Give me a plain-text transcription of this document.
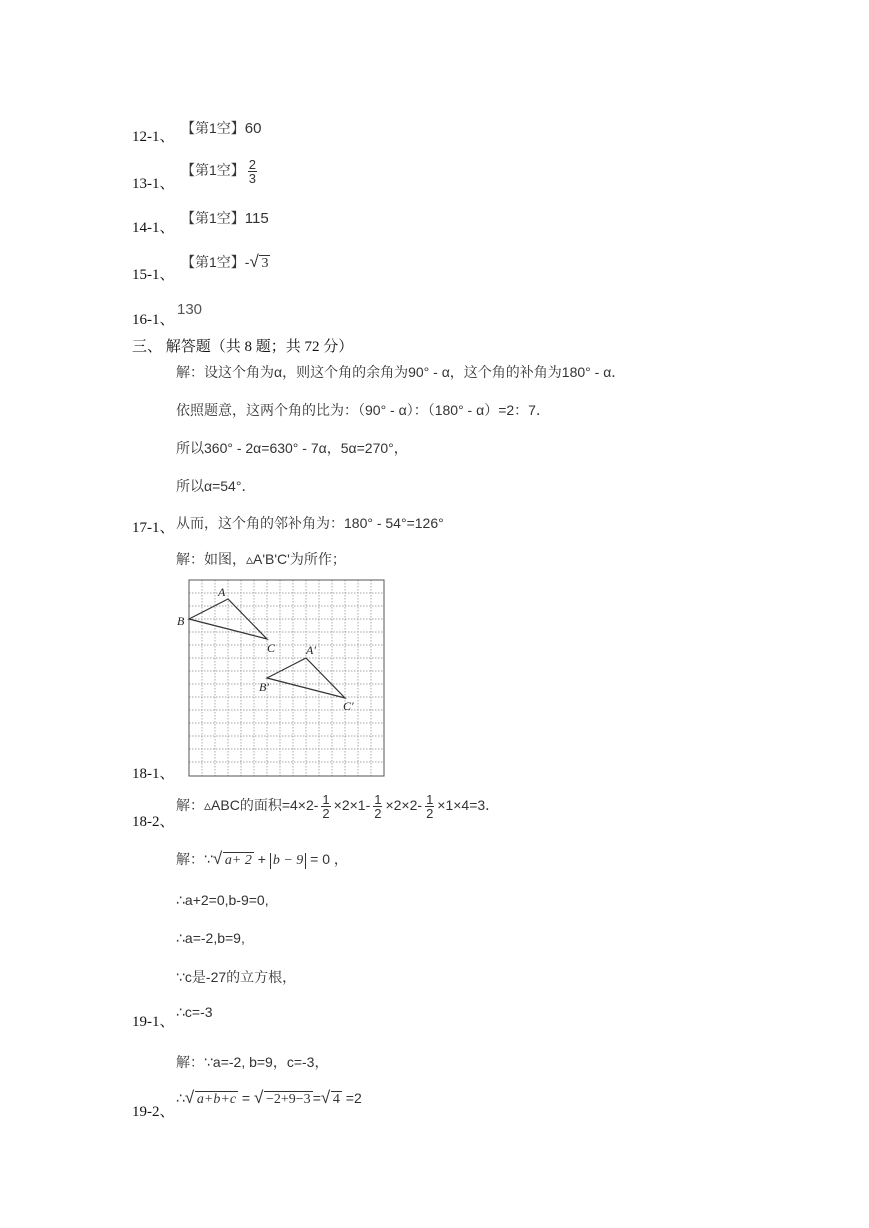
12-1、
【第1空】60
13-1、
【第1空】 $\frac{2}{3}$
14-1、
【第1空】115
15-1、
【第1空】- √ 3
16-1、
130
三、 解答题（共 8 题；共 72 分）
解：设这个角为α，则这个角的余角为90° - α，这个角的补角为180° - α．
依照题意，这两个角的比为：（90° - α）：（180° - α）=2：7．
所以360° - 2α=630° - 7α，5α=270°，
所以α=54°．
17-1、 从而，这个角的邻补角为：180° - 54°=126°
解：如图，▵A'B'C'为所作；
A
B
C	A′
B′
C′
18-1、
18-2、
解：▵ABC的面积$=4\times 2- \frac{1}{2} \times 2\times 1- \frac{1}{2} \times 2\times 2- \frac{1}{2} \times 1\times 4=3$．
解：∵ √ a+ 2 + b − 9 = 0 ，
∴a+2=0,b-9=0,
∴a=-2,b=9,
∵c是-27的立方根，
19-1、
∴c=-3
解：∵a=-2, b=9，c=-3，
19-2、
∴ √ a+b+c = √ −2+9−3 = √ 4 =2
